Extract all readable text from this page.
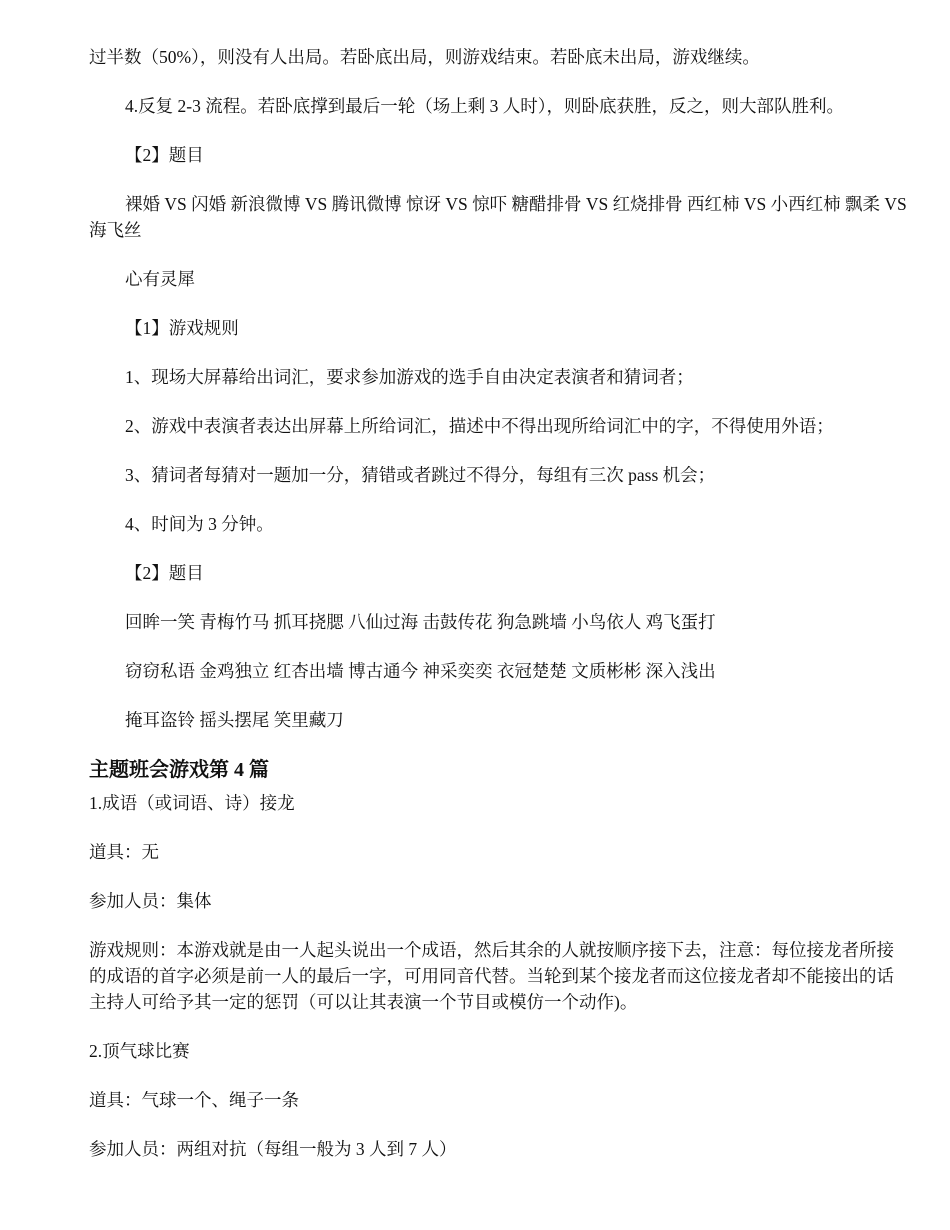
过半数（50%），则没有人出局。若卧底出局，则游戏结束。若卧底未出局，游戏继续。

4.反复 2-3 流程。若卧底撑到最后一轮（场上剩 3 人时），则卧底获胜，反之，则大部队胜利。

【2】题目

裸婚 VS 闪婚 新浪微博 VS 腾讯微博 惊讶 VS 惊吓 糖醋排骨 VS 红烧排骨 西红柿 VS 小西红柿 飘柔 VS 海飞丝

心有灵犀

【1】游戏规则

1、现场大屏幕给出词汇，要求参加游戏的选手自由决定表演者和猜词者；

2、游戏中表演者表达出屏幕上所给词汇，描述中不得出现所给词汇中的字，不得使用外语；

3、猜词者每猜对一题加一分，猜错或者跳过不得分，每组有三次 pass 机会；

4、时间为 3 分钟。

【2】题目

回眸一笑 青梅竹马 抓耳挠腮 八仙过海 击鼓传花 狗急跳墙 小鸟依人 鸡飞蛋打

窃窃私语 金鸡独立 红杏出墙 博古通今 神采奕奕 衣冠楚楚 文质彬彬 深入浅出

掩耳盗铃 摇头摆尾 笑里藏刀

主题班会游戏第 4 篇

1.成语（或词语、诗）接龙

道具：无

参加人员：集体

游戏规则：本游戏就是由一人起头说出一个成语，然后其余的人就按顺序接下去，注意：每位接龙者所接的成语的首字必须是前一人的最后一字，可用同音代替。当轮到某个接龙者而这位接龙者却不能接出的话主持人可给予其一定的惩罚（可以让其表演一个节目或模仿一个动作)。

2.顶气球比赛

道具：气球一个、绳子一条

参加人员：两组对抗（每组一般为 3 人到 7 人）
